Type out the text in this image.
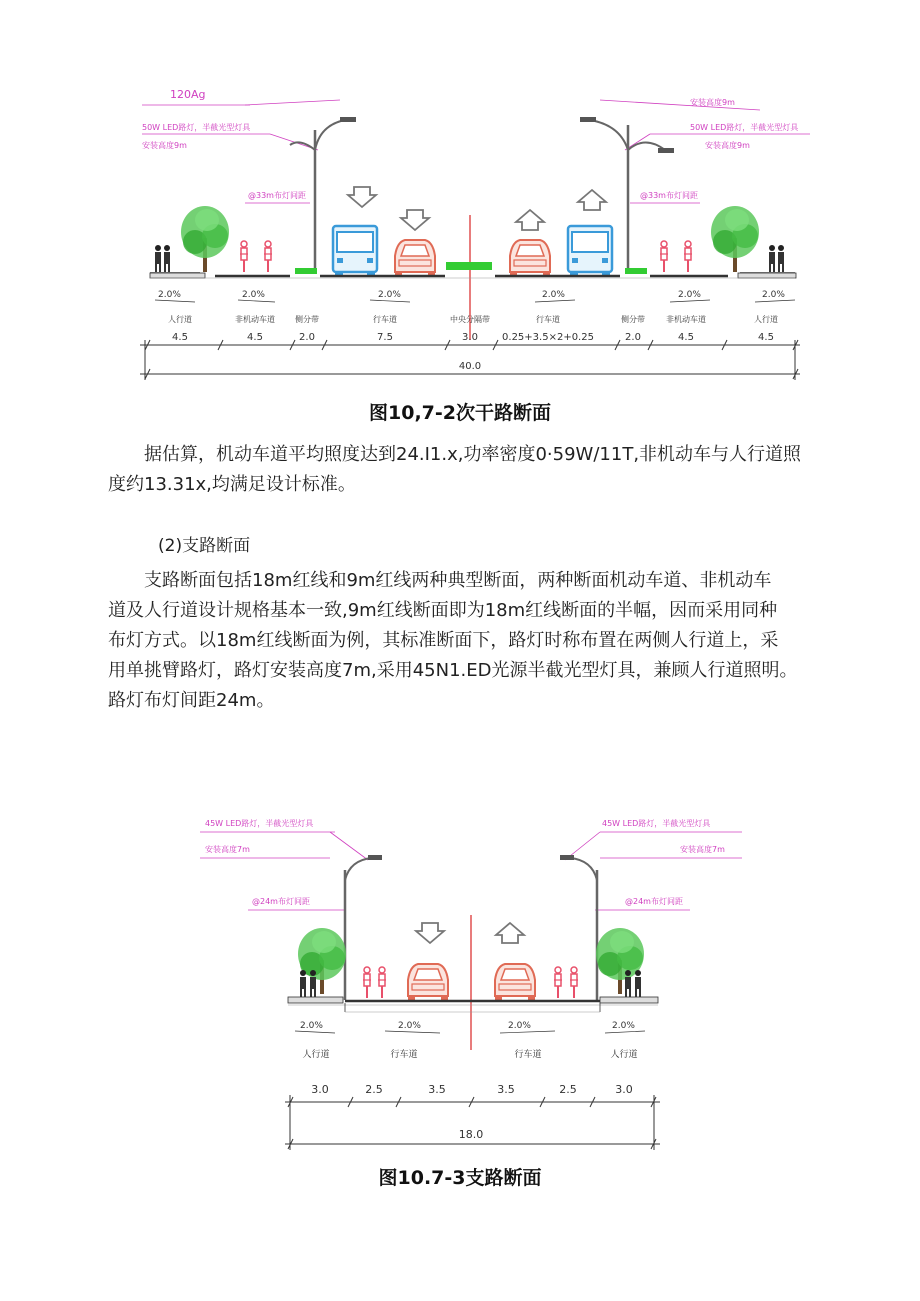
120Ag
50W LED路灯，半截光型灯具
安装高度9m
@33m布灯间距
安装高度9m
50W LED路灯，半截光型灯具
安装高度9m
@33m布灯间距
2.0%	2.0%	2.0%	2.0%	2.0%	2.0%
人行道	非机动车道	侧分带	行车道	中央分隔带	行车道	侧分带	非机动车道	人行道
4.5	4.5	2.0	7.5	3.0 0.25+3.5×2+0.25	2.0	4.5	4.5
40.0
图10,7-2次干路断面

据估算，机动车道平均照度达到24.I1.x,功率密度0·59W/11T,非机动车与人行道照

度约13.31x,均满足设计标准。

(2)支路断面

支路断面包括18m红线和9m红线两种典型断面，两种断面机动车道、非机动车

道及人行道设计规格基本一致,9m红线断面即为18m红线断面的半幅，因而采用同种

布灯方式。以18m红线断面为例，其标准断面下，路灯时称布置在两侧人行道上，采

用单挑臂路灯，路灯安装高度7m,采用45N1.ED光源半截光型灯具，兼顾人行道照明。

路灯布灯间距24m。

45W LED路灯，半截光型灯具
安装高度7m
@24m布灯间距
45W LED路灯，半截光型灯具
安装高度7m
@24m布灯间距
2.0%	2.0%	2.0%	2.0%
人行道	行车道	行车道	人行道
3.0	2.5	3.5	3.5	2.5	3.0
18.0
图10.7-3支路断面
